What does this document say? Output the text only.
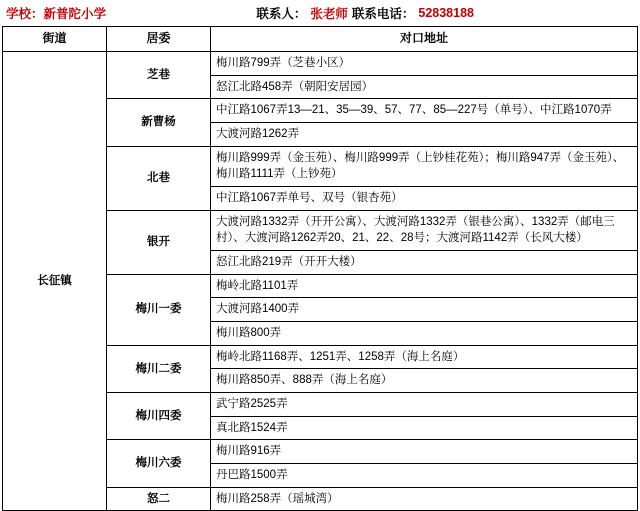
学校：新普陀小学	联系人： 张老师 联系电话： 52838188
街道	居委	对口地址
长征镇	芝巷	梅川路799弄（芝巷小区）
		怒江北路458弄（朝阳安居园）
	新曹杨	中江路1067弄13—21、35—39、57、77、85—227号（单号）、中江路1070弄
		大渡河路1262弄
	北巷	梅川路999弄（金玉苑）、梅川路999弄（上钞桂花苑）；梅川路947弄（金玉苑）、梅川路1111弄（上钞苑）
		中江路1067弄单号、双号（银杏苑）
	银开	大渡河路1332弄（开开公寓）、大渡河路1332弄（银巷公寓）、1332弄（邮电三村）、大渡河路1262弄20、21、22、28号；大渡河路1142弄（长风大楼）
		怒江北路219弄（开开大楼）
	梅川一委	梅岭北路1101弄
		大渡河路1400弄
		梅川路800弄
	梅川二委	梅岭北路1168弄、1251弄、1258弄（海上名庭）
		梅川路850弄、888弄（海上名庭）
	梅川四委	武宁路2525弄
		真北路1524弄
	梅川六委	梅川路916弄
		丹巴路1500弄
	怒二	梅川路258弄（瑶城湾）
